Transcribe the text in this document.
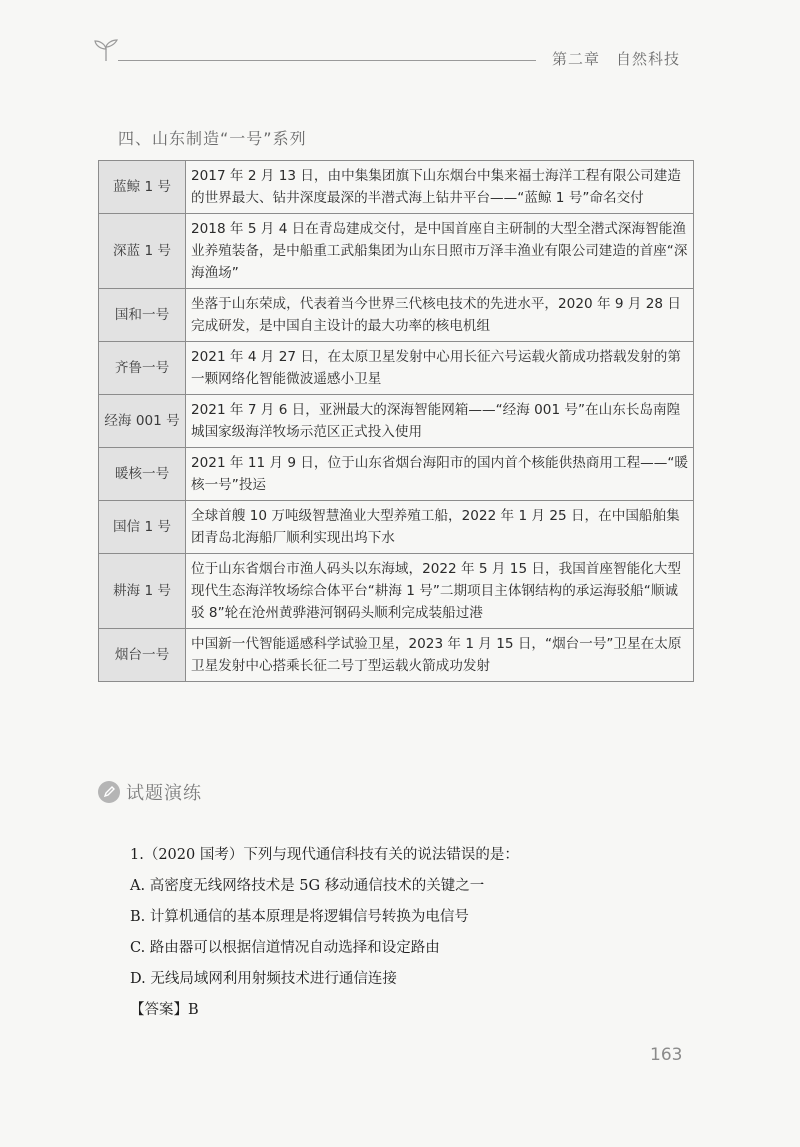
第二章　自然科技
四、山东制造“一号”系列
蓝鲸 1 号	2017 年 2 月 13 日，由中集集团旗下山东烟台中集来福士海洋工程有限公司建造的世界最大、钻井深度最深的半潜式海上钻井平台——“蓝鲸 1 号”命名交付
深蓝 1 号	2018 年 5 月 4 日在青岛建成交付，是中国首座自主研制的大型全潜式深海智能渔业养殖装备，是中船重工武船集团为山东日照市万泽丰渔业有限公司建造的首座“深海渔场”
国和一号	坐落于山东荣成，代表着当今世界三代核电技术的先进水平，2020 年 9 月 28 日完成研发，是中国自主设计的最大功率的核电机组
齐鲁一号	2021 年 4 月 27 日，在太原卫星发射中心用长征六号运载火箭成功搭载发射的第一颗网络化智能微波遥感小卫星
经海 001 号	2021 年 7 月 6 日，亚洲最大的深海智能网箱——“经海 001 号”在山东长岛南隍城国家级海洋牧场示范区正式投入使用
暖核一号	2021 年 11 月 9 日，位于山东省烟台海阳市的国内首个核能供热商用工程——“暖核一号”投运
国信 1 号	全球首艘 10 万吨级智慧渔业大型养殖工船，2022 年 1 月 25 日，在中国船舶集团青岛北海船厂顺利实现出坞下水
耕海 1 号	位于山东省烟台市渔人码头以东海域，2022 年 5 月 15 日，我国首座智能化大型现代生态海洋牧场综合体平台“耕海 1 号”二期项目主体钢结构的承运海驳船“顺诚驳 8”轮在沧州黄骅港河钢码头顺利完成装船过港
烟台一号	中国新一代智能遥感科学试验卫星，2023 年 1 月 15 日，“烟台一号”卫星在太原卫星发射中心搭乘长征二号丁型运载火箭成功发射
试题演练
1.（2020 国考）下列与现代通信科技有关的说法错误的是：
A. 高密度无线网络技术是 5G 移动通信技术的关键之一
B. 计算机通信的基本原理是将逻辑信号转换为电信号
C. 路由器可以根据信道情况自动选择和设定路由
D. 无线局域网利用射频技术进行通信连接
【答案】B
163
